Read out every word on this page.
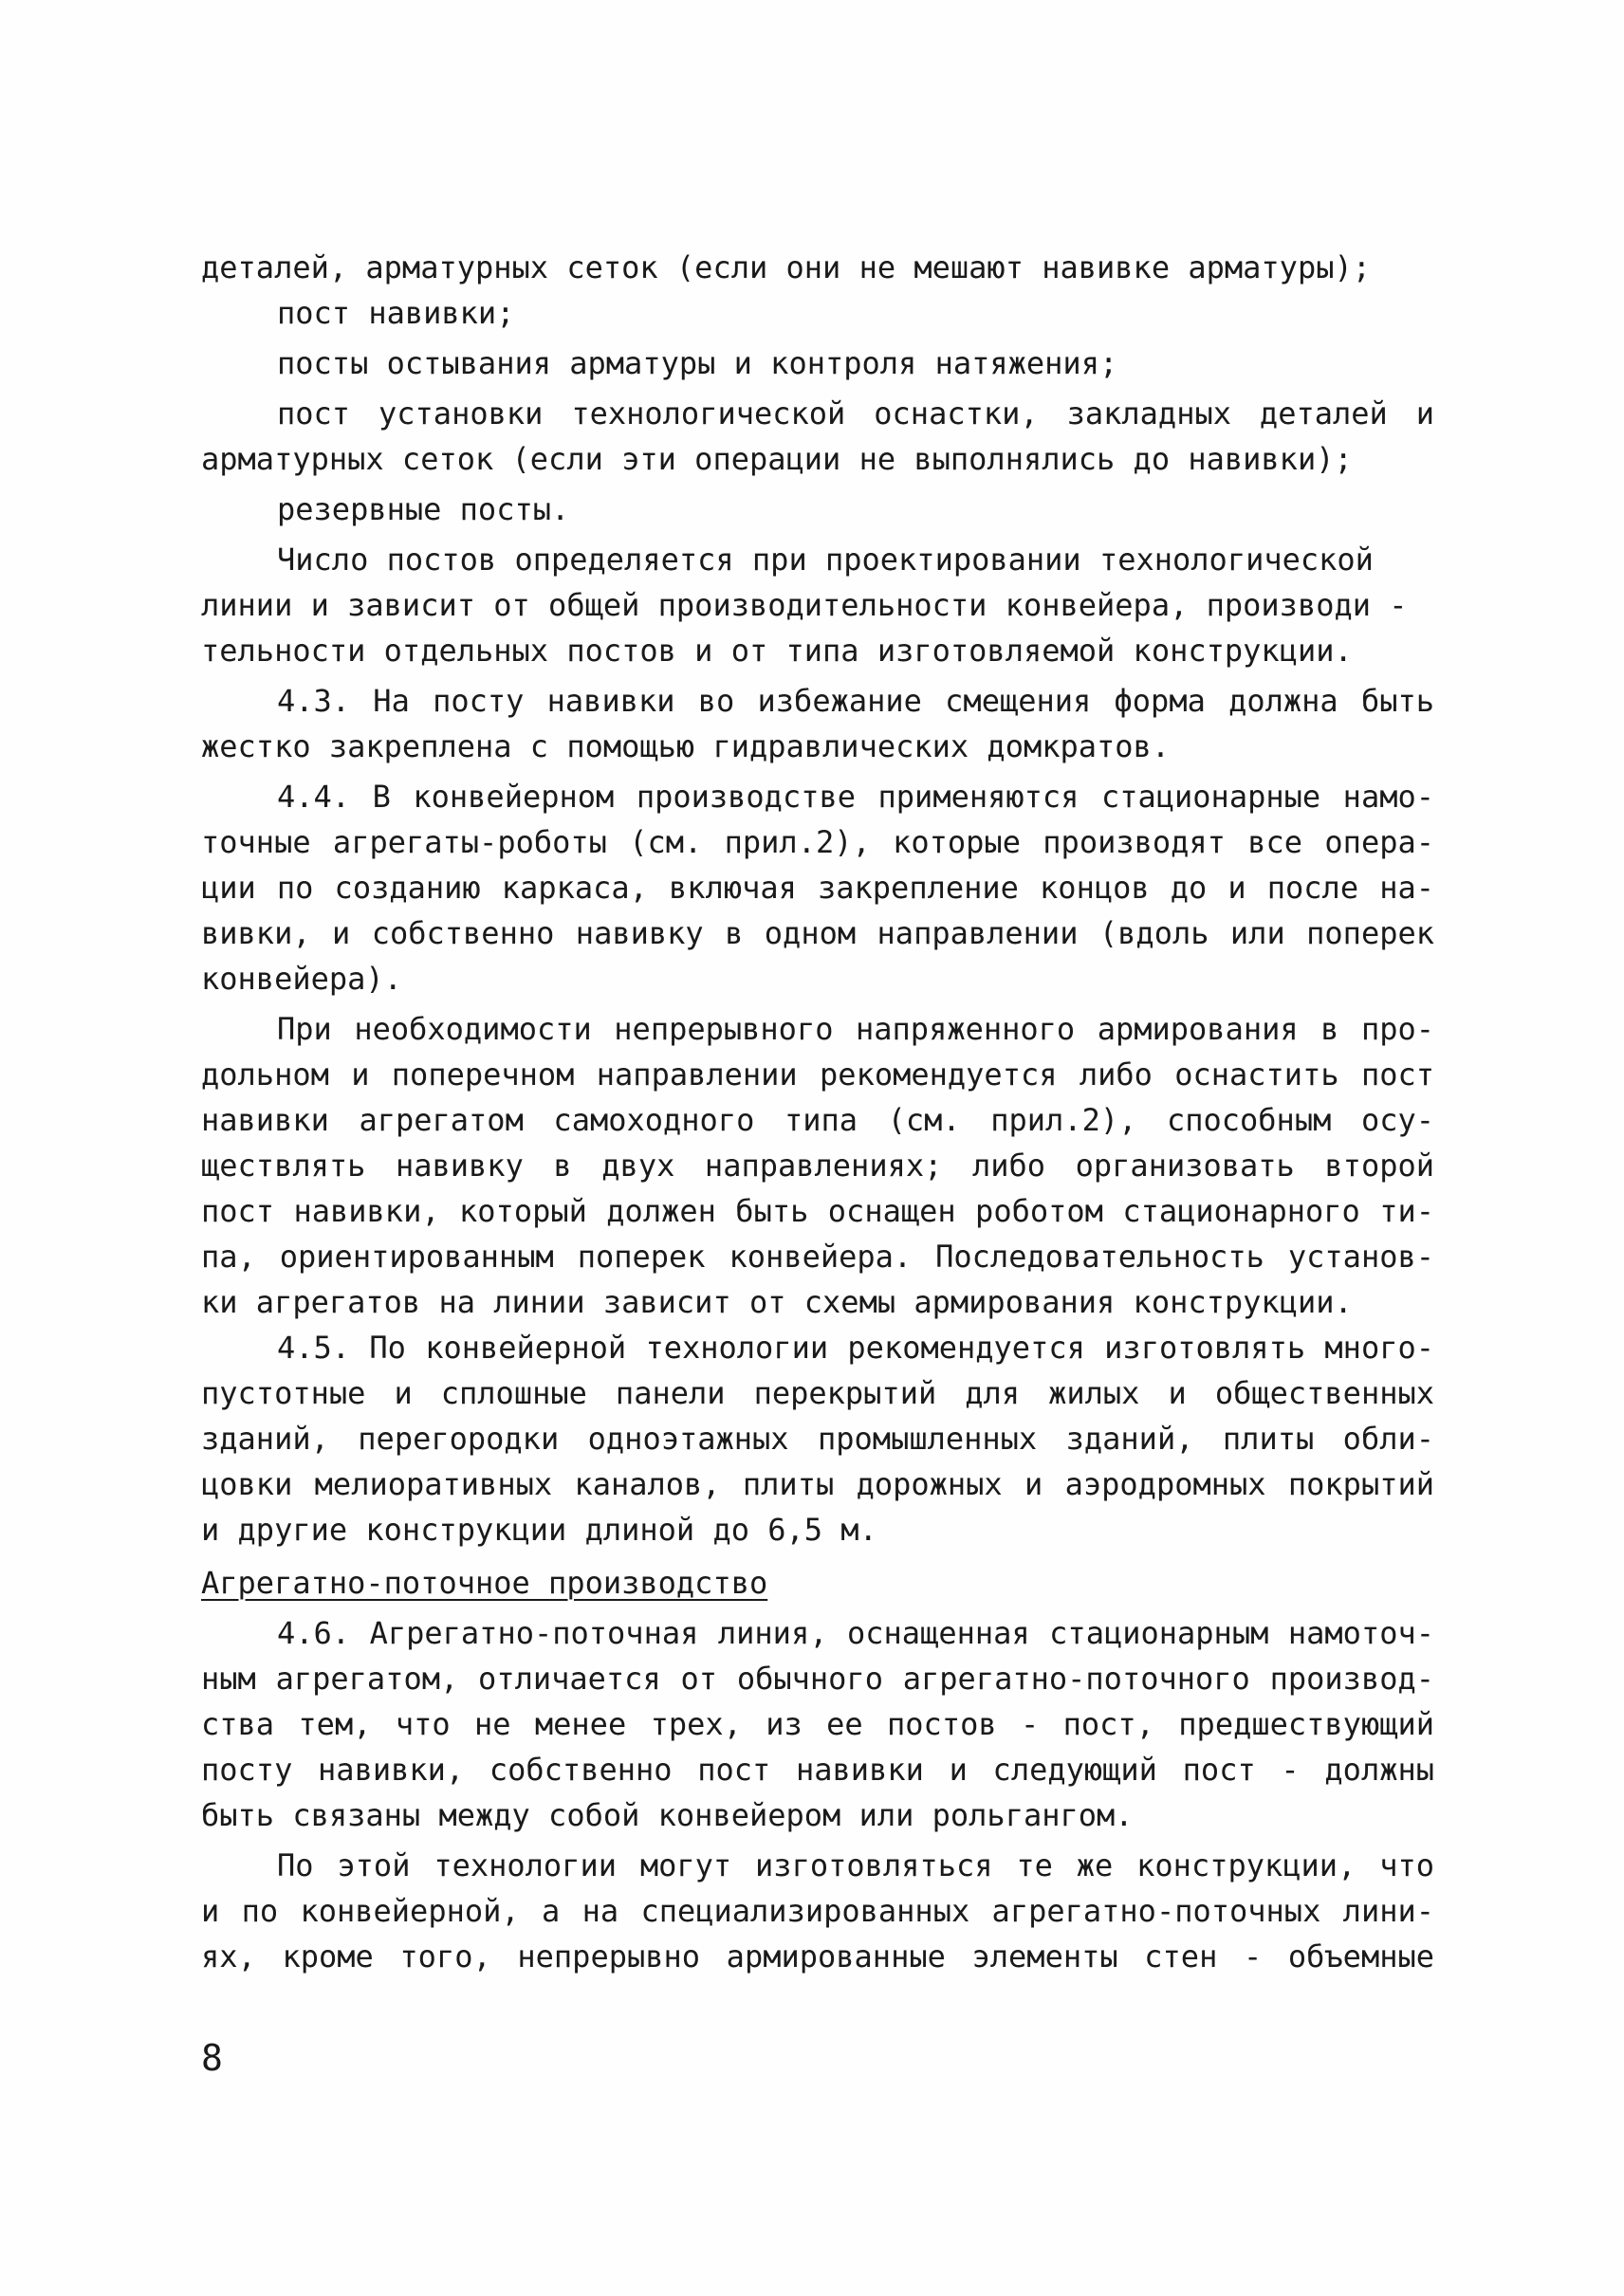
деталей, арматурных сеток (если они не мешают навивке арматуры);
пост навивки;
посты остывания арматуры и контроля натяжения;
пост установки технологической оснастки, закладных деталей и
арматурных сеток (если эти операции не выполнялись до навивки);
резервные посты.
Число постов определяется при проектировании технологической
линии и зависит от общей производительности конвейера, производи -
тельности отдельных постов и от типа изготовляемой конструкции.
4.3. На посту навивки во избежание смещения форма должна быть
жестко закреплена с помощью гидравлических домкратов.
4.4. В конвейерном производстве применяются стационарные намо-
точные агрегаты-роботы (см. прил.2), которые производят все опера-
ции по созданию каркаса, включая закрепление концов до и после на-
вивки, и собственно навивку в одном направлении (вдоль или поперек
конвейера).
При необходимости непрерывного напряженного армирования в про-
дольном и поперечном направлении рекомендуется либо оснастить пост
навивки агрегатом самоходного типа (см. прил.2), способным осу-
ществлять навивку в двух направлениях; либо организовать второй
пост навивки, который должен быть оснащен роботом стационарного ти-
па, ориентированным поперек конвейера. Последовательность установ-
ки агрегатов на линии зависит от схемы армирования конструкции.
4.5. По конвейерной технологии рекомендуется изготовлять много-
пустотные и сплошные панели перекрытий для жилых и общественных
зданий, перегородки одноэтажных промышленных зданий, плиты обли-
цовки мелиоративных каналов, плиты дорожных и аэродромных покрытий
и другие конструкции длиной до 6,5 м.
Агрегатно-поточное производство
4.6. Агрегатно-поточная линия, оснащенная стационарным намоточ-
ным агрегатом, отличается от обычного агрегатно-поточного производ-
ства тем, что не менее трех, из ее постов - пост, предшествующий
посту навивки, собственно пост навивки и следующий пост - должны
быть связаны между собой конвейером или рольгангом.
По этой технологии могут изготовляться те же конструкции, что
и по конвейерной, а на специализированных агрегатно-поточных лини-
ях, кроме того, непрерывно армированные элементы стен - объемные
8
